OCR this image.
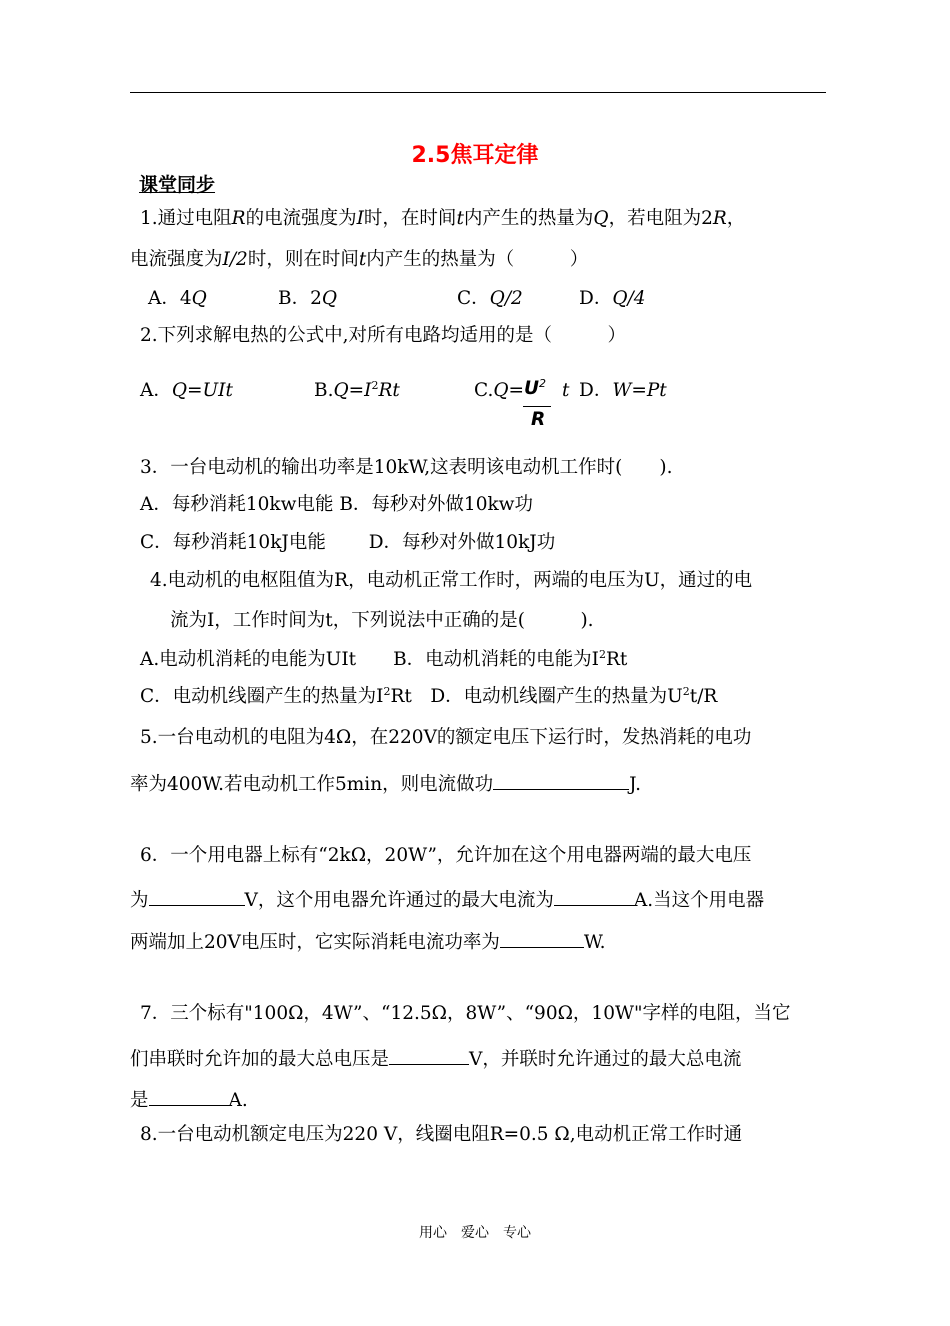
2.5焦耳定律
课堂同步
1.通过电阻R的电流强度为I时，在时间t内产生的热量为Q，若电阻为2R，
电流强度为I/2时，则在时间t内产生的热量为（　　　）
A．4Q	B．2Q	C．Q/2	D．Q/4
2.下列求解电热的公式中,对所有电路均适用的是（　　　）
A．Q=UIt	$B.Q=I^2Rt$	$C.Q= U^2$
R
t D．W=Pt
3．一台电动机的输出功率是10kW,这表明该电动机工作时(　　).
A．每秒消耗10kw电能 B．每秒对外做10kw功
C．每秒消耗10kJ电能　　 D．每秒对外做10kJ功
4.电动机的电枢阻值为R，电动机正常工作时，两端的电压为U，通过的电
流为I，工作时间为t，下列说法中正确的是(　　　).
A.电动机消耗的电能为UIt　　B．电动机消耗的电能为$I^2Rt$
C．电动机线圈产生的热量为$I^2Rt$　D．电动机线圈产生的热量为$U^2t/R$
5.一台电动机的电阻为4Ω，在220V的额定电压下运行时，发热消耗的电功
率为400W.若电动机工作5min，则电流做功	J.
6．一个用电器上标有“2kΩ，20W”，允许加在这个用电器两端的最大电压
为	V，这个用电器允许通过的最大电流为	A.当这个用电器
两端加上20V电压时，它实际消耗电流功率为	W.
7．三个标有"100Ω，4W”、“12.5Ω，8W”、“90Ω，10W"字样的电阻，当它
们串联时允许加的最大总电压是	V，并联时允许通过的最大总电流
是	A.
8.一台电动机额定电压为220 V，线圈电阻R=0.5 Ω,电动机正常工作时通
用心　爱心　专心
